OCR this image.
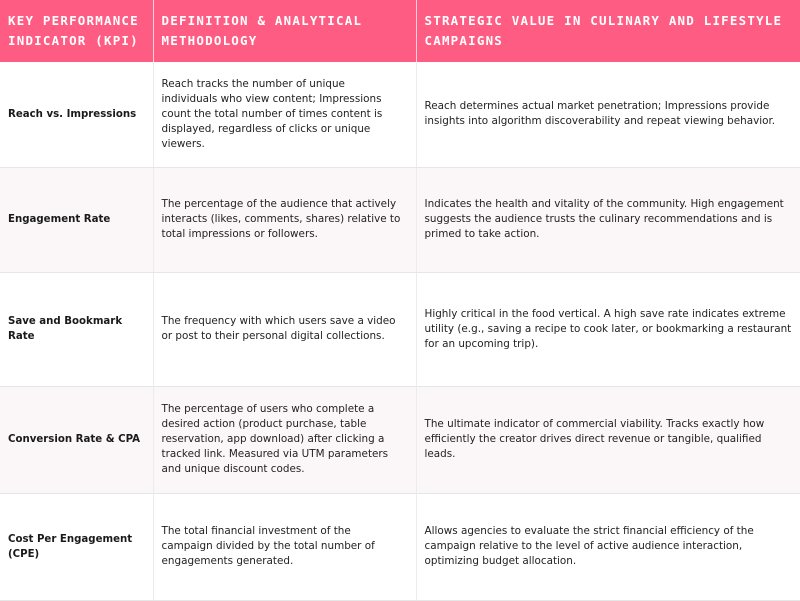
KEY PERFORMANCE INDICATOR (KPI)	DEFINITION & ANALYTICAL METHODOLOGY	STRATEGIC VALUE IN CULINARY AND LIFESTYLE CAMPAIGNS
Reach vs. Impressions	Reach tracks the number of unique individuals who view content; Impressions count the total number of times content is displayed, regardless of clicks or unique viewers.	Reach determines actual market penetration; Impressions provide insights into algorithm discoverability and repeat viewing behavior.
Engagement Rate	The percentage of the audience that actively interacts (likes, comments, shares) relative to total impressions or followers.	Indicates the health and vitality of the community. High engagement suggests the audience trusts the culinary recommendations and is primed to take action.
Save and Bookmark Rate	The frequency with which users save a video or post to their personal digital collections.	Highly critical in the food vertical. A high save rate indicates extreme utility (e.g., saving a recipe to cook later, or bookmarking a restaurant for an upcoming trip).
Conversion Rate & CPA	The percentage of users who complete a desired action (product purchase, table reservation, app download) after clicking a tracked link. Measured via UTM parameters and unique discount codes.	The ultimate indicator of commercial viability. Tracks exactly how efficiently the creator drives direct revenue or tangible, qualified leads.
Cost Per Engagement (CPE)	The total financial investment of the campaign divided by the total number of engagements generated.	Allows agencies to evaluate the strict financial efficiency of the campaign relative to the level of active audience interaction, optimizing budget allocation.
